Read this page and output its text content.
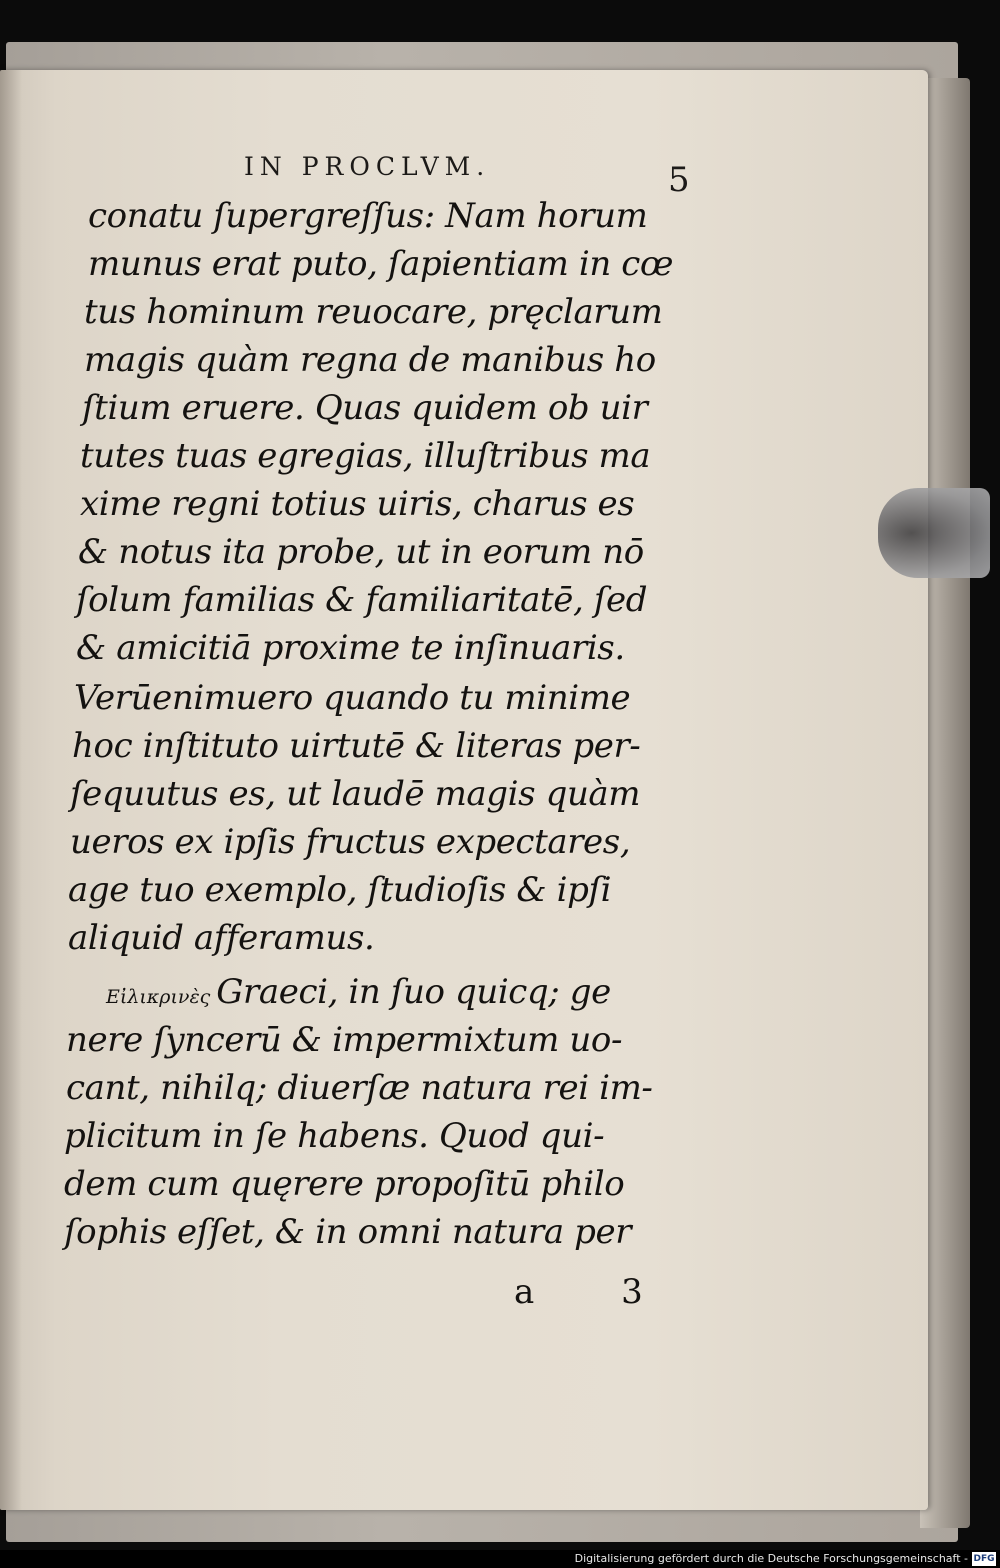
IN PROCLVM.	5
conatu ſupergreſſus: Nam horum
munus erat puto, ſapientiam in cœ
tus hominum reuocare, pręclarum
magis quàm regna de manibus ho
ſtium eruere. Quas quidem ob uir
tutes tuas egregias, illuſtribus ma
xime regni totius uiris, charus es
& notus ita probe, ut in eorum nō
ſolum familias & familiaritatē, ſed
& amicitiā proxime te inſinuaris.
Verūenimuero quando tu minime
hoc inſtituto uirtutē & literas per-
ſequutus es, ut laudē magis quàm
ueros ex ipſis fructus expectares,
age tuo exemplo, ſtudioſis & ipſi
aliquid afferamus.
Εἰλικρινὲς Graeci, in ſuo quicq; ge
nere ſyncerū & impermixtum uo-
cant, nihilq; diuerſæ natura rei im-
plicitum in ſe habens. Quod qui-
dem cum quęrere propoſitū philo
ſophis eſſet, & in omni natura per
a 3
Digitalisierung gefördert durch die Deutsche Forschungsgemeinschaft - DFG
